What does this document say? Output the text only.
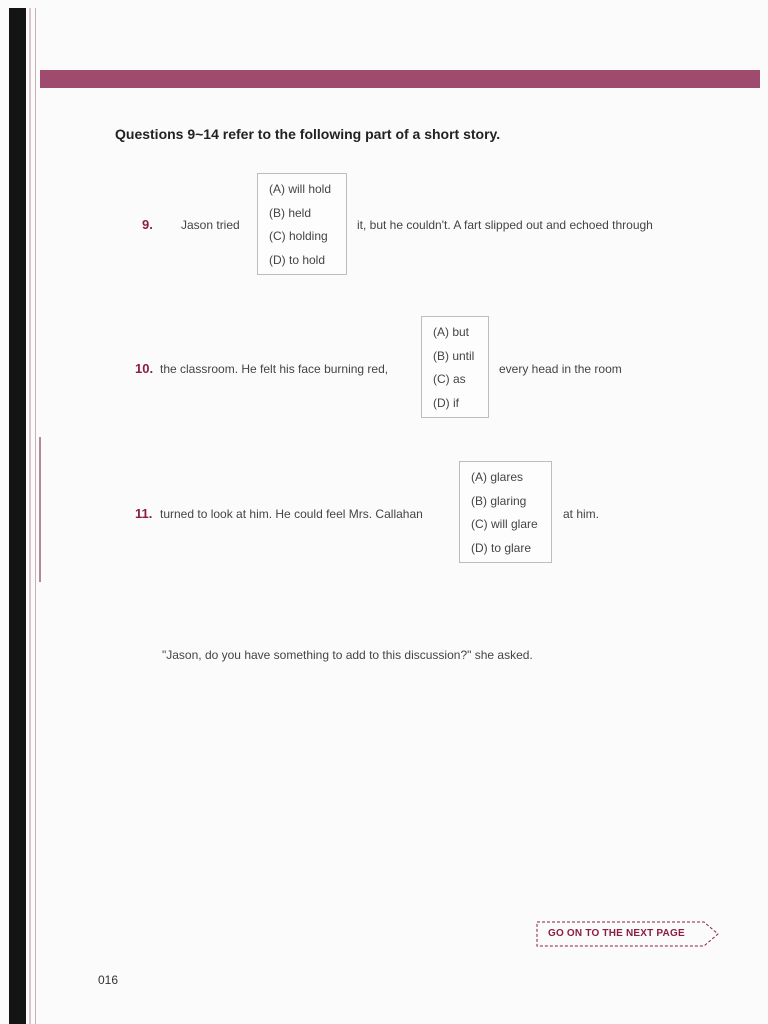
Questions 9~14 refer to the following part of a short story.
9. Jason tried
(A) will hold
(B) held
(C) holding
(D) to hold
it, but he couldn't. A fart slipped out and echoed through
10. the classroom. He felt his face burning red,
(A) but
(B) until
(C) as
(D) if
every head in the room
11. turned to look at him. He could feel Mrs. Callahan
(A) glares
(B) glaring
(C) will glare
(D) to glare
at him.
"Jason, do you have something to add to this discussion?" she asked.
GO ON TO THE NEXT PAGE
016
